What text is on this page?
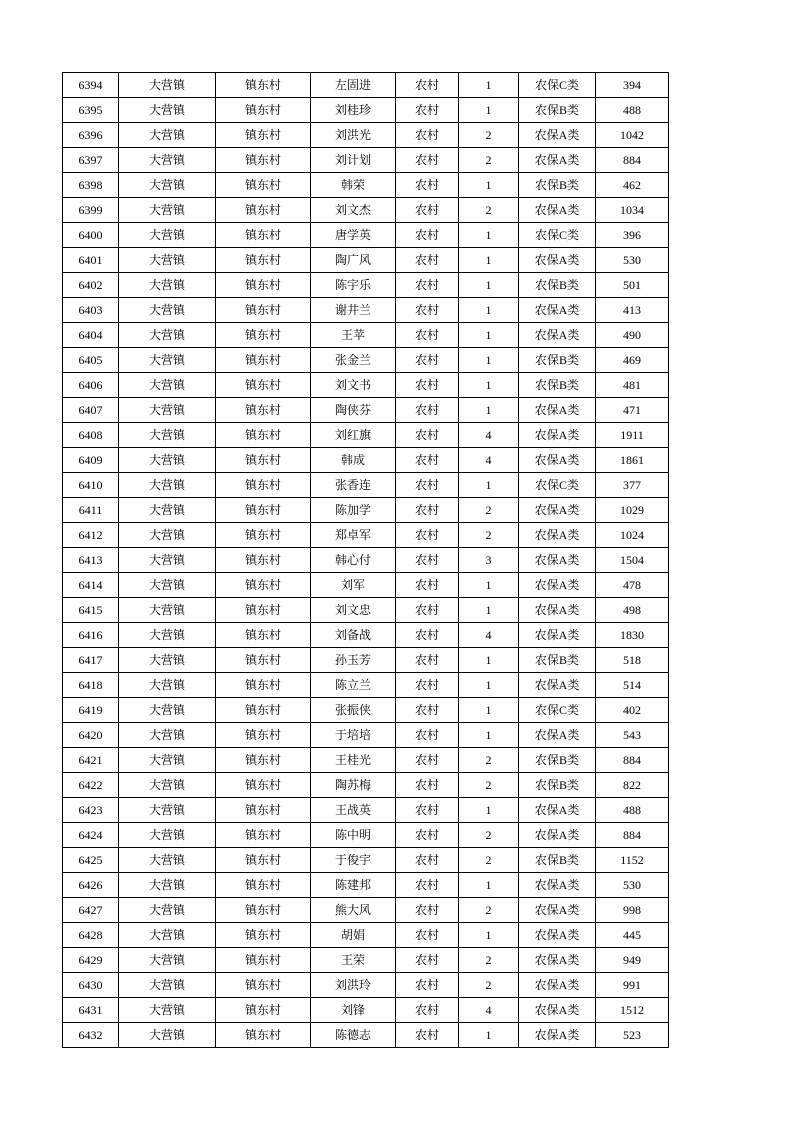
6394	大营镇	镇东村	左固进	农村	1	农保C类	394
6395	大营镇	镇东村	刘桂珍	农村	1	农保B类	488
6396	大营镇	镇东村	刘洪光	农村	2	农保A类	1042
6397	大营镇	镇东村	刘计划	农村	2	农保A类	884
6398	大营镇	镇东村	韩荣	农村	1	农保B类	462
6399	大营镇	镇东村	刘文杰	农村	2	农保A类	1034
6400	大营镇	镇东村	唐学英	农村	1	农保C类	396
6401	大营镇	镇东村	陶广风	农村	1	农保A类	530
6402	大营镇	镇东村	陈宇乐	农村	1	农保B类	501
6403	大营镇	镇东村	谢井兰	农村	1	农保A类	413
6404	大营镇	镇东村	王苹	农村	1	农保A类	490
6405	大营镇	镇东村	张金兰	农村	1	农保B类	469
6406	大营镇	镇东村	刘文书	农村	1	农保B类	481
6407	大营镇	镇东村	陶侠芬	农村	1	农保A类	471
6408	大营镇	镇东村	刘红旗	农村	4	农保A类	1911
6409	大营镇	镇东村	韩成	农村	4	农保A类	1861
6410	大营镇	镇东村	张香连	农村	1	农保C类	377
6411	大营镇	镇东村	陈加学	农村	2	农保A类	1029
6412	大营镇	镇东村	郑卓军	农村	2	农保A类	1024
6413	大营镇	镇东村	韩心付	农村	3	农保A类	1504
6414	大营镇	镇东村	刘军	农村	1	农保A类	478
6415	大营镇	镇东村	刘文忠	农村	1	农保A类	498
6416	大营镇	镇东村	刘备战	农村	4	农保A类	1830
6417	大营镇	镇东村	孙玉芳	农村	1	农保B类	518
6418	大营镇	镇东村	陈立兰	农村	1	农保A类	514
6419	大营镇	镇东村	张振侠	农村	1	农保C类	402
6420	大营镇	镇东村	于培培	农村	1	农保A类	543
6421	大营镇	镇东村	王桂光	农村	2	农保B类	884
6422	大营镇	镇东村	陶苏梅	农村	2	农保B类	822
6423	大营镇	镇东村	王战英	农村	1	农保A类	488
6424	大营镇	镇东村	陈中明	农村	2	农保A类	884
6425	大营镇	镇东村	于俊宇	农村	2	农保B类	1152
6426	大营镇	镇东村	陈建邦	农村	1	农保A类	530
6427	大营镇	镇东村	熊大风	农村	2	农保A类	998
6428	大营镇	镇东村	胡娟	农村	1	农保A类	445
6429	大营镇	镇东村	王荣	农村	2	农保A类	949
6430	大营镇	镇东村	刘洪玲	农村	2	农保A类	991
6431	大营镇	镇东村	刘锋	农村	4	农保A类	1512
6432	大营镇	镇东村	陈德志	农村	1	农保A类	523
